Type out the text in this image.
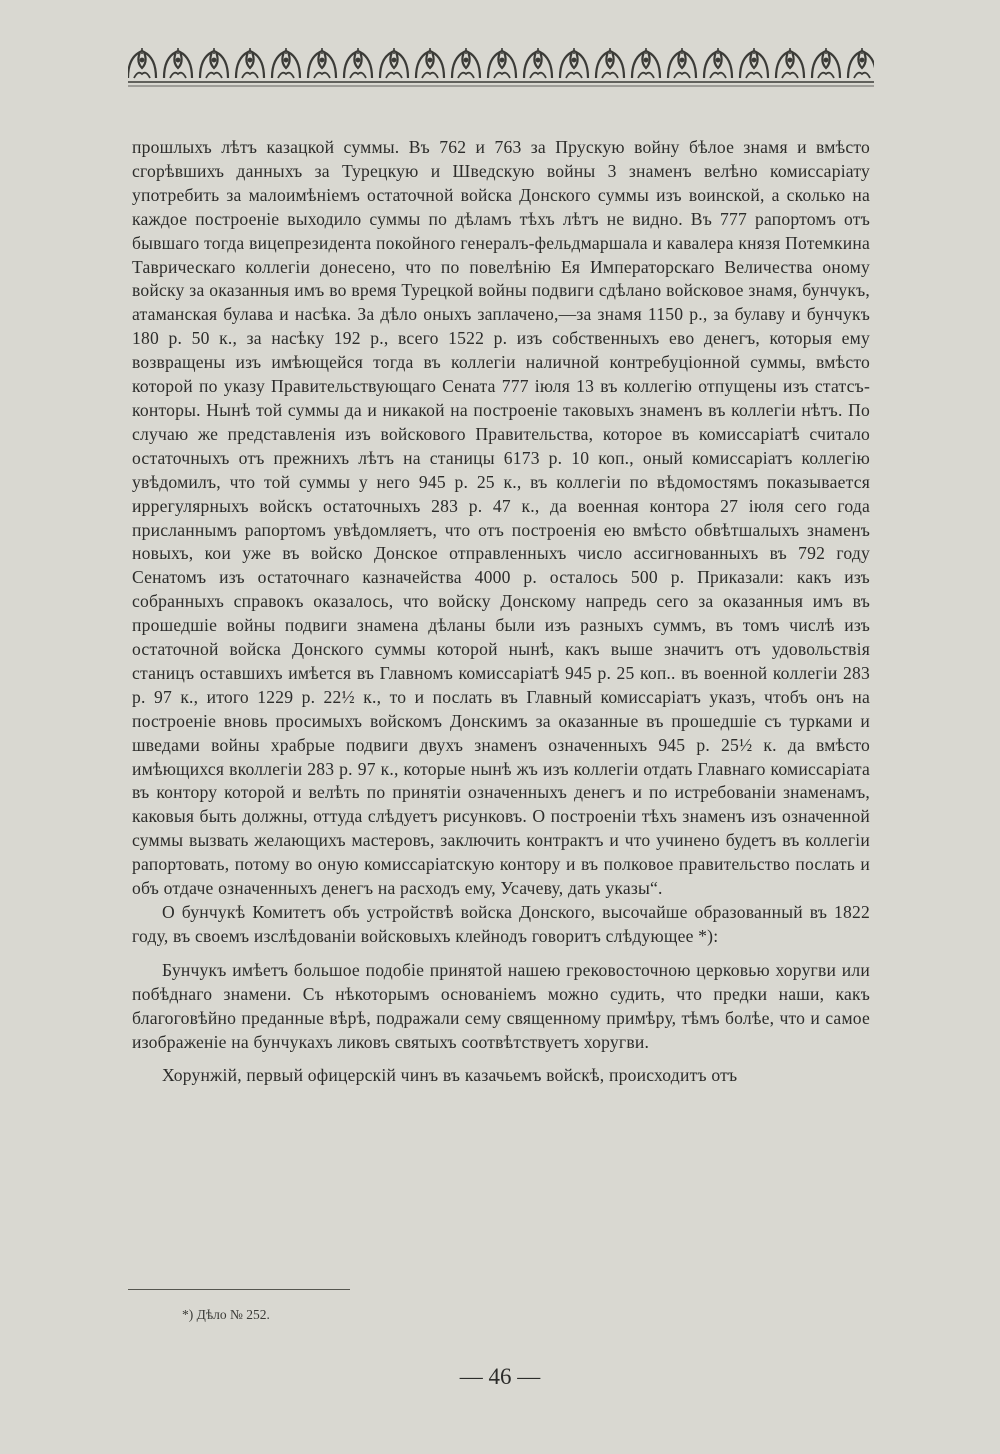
прошлыхъ лѣтъ казацкой суммы. Въ 762 и 763 за Прускую войну бѣлое знамя и вмѣсто сгорѣвшихъ данныхъ за Турецкую и Шведскую войны 3 знаменъ велѣно комиссаріату употребить за малоимѣніемъ остаточной войска Донского суммы изъ воинской, а сколько на каждое построеніе выходило суммы по дѣламъ тѣхъ лѣтъ не видно. Въ 777 рапортомъ отъ бывшаго тогда вицепрезидента покойного генералъ-фельдмаршала и кавалера князя Потемкина Таврическаго коллегіи донесено, что по повелѣнію Ея Императорскаго Величества оному войску за оказанныя имъ во время Турецкой войны подвиги сдѣлано войсковое знамя, бунчукъ, атаманская булава и насѣка. За дѣло оныхъ заплачено,—за знамя 1150 р., за булаву и бунчукъ 180 р. 50 к., за насѣку 192 р., всего 1522 р. изъ собственныхъ ево денегъ, которыя ему возвращены изъ имѣющейся тогда въ коллегіи наличной контребуціонной суммы, вмѣсто которой по указу Правительствующаго Сената 777 іюля 13 въ коллегію отпущены изъ статсъ-конторы. Нынѣ той суммы да и никакой на построеніе таковыхъ знаменъ въ коллегіи нѣтъ. По случаю же представленія изъ войскового Правительства, которое въ комиссаріатѣ считало остаточныхъ отъ прежнихъ лѣтъ на станицы 6173 р. 10 коп., оный комиссаріатъ коллегію увѣдомилъ, что той суммы у него 945 р. 25 к., въ коллегіи по вѣдомостямъ показывается иррегулярныхъ войскъ остаточныхъ 283 р. 47 к., да военная контора 27 іюля сего года присланнымъ рапортомъ увѣдомляетъ, что отъ построенія ею вмѣсто обвѣтшалыхъ знаменъ новыхъ, кои уже въ войско Донское отправленныхъ число ассигнованныхъ въ 792 году Сенатомъ изъ остаточнаго казначейства 4000 р. осталось 500 р. Приказали: какъ изъ собранныхъ справокъ оказалось, что войску Донскому напредь сего за оказанныя имъ въ прошедшіе войны подвиги знамена дѣланы были изъ разныхъ суммъ, въ томъ числѣ изъ остаточной войска Донского суммы которой нынѣ, какъ выше значитъ отъ удовольствія станицъ оставшихъ имѣется въ Главномъ комиссаріатѣ 945 р. 25 коп.. въ военной коллегіи 283 р. 97 к., итого 1229 р. 22½ к., то и послать въ Главный комиссаріатъ указъ, чтобъ онъ на построеніе вновь просимыхъ войскомъ Донскимъ за оказанные въ прошедшіе съ турками и шведами войны храбрые подвиги двухъ знаменъ означенныхъ 945 р. 25½ к. да вмѣсто имѣющихся вколлегіи 283 р. 97 к., которые нынѣ жъ изъ коллегіи отдать Главнаго комиссаріата въ контору которой и велѣть по принятіи означенныхъ денегъ и по истребованіи знаменамъ, каковыя быть должны, оттуда слѣдуетъ рисунковъ. О построеніи тѣхъ знаменъ изъ означенной суммы вызвать желающихъ мастеровъ, заключить контрактъ и что учинено будетъ въ коллегіи рапортовать, потому во оную комиссаріатскую контору и въ полковое правительство послать и объ отдаче означенныхъ денегъ на расходъ ему, Усачеву, дать указы“.

О бунчукѣ Комитетъ объ устройствѣ войска Донского, высочайше образованный въ 1822 году, въ своемъ изслѣдованіи войсковыхъ клейнодъ говоритъ слѣдующее *):

Бунчукъ имѣетъ большое подобіе принятой нашею грековосточною церковью хоругви или побѣднаго знамени. Съ нѣкоторымъ основаніемъ можно судить, что предки наши, какъ благоговѣйно преданные вѣрѣ, подражали сему священному примѣру, тѣмъ болѣе, что и самое изображеніе на бунчукахъ ликовъ святыхъ соотвѣтствуетъ хоругви.

Хорунжій, первый офицерскій чинъ въ казачьемъ войскѣ, происходитъ отъ

*) Дѣло № 252.
— 46 —
